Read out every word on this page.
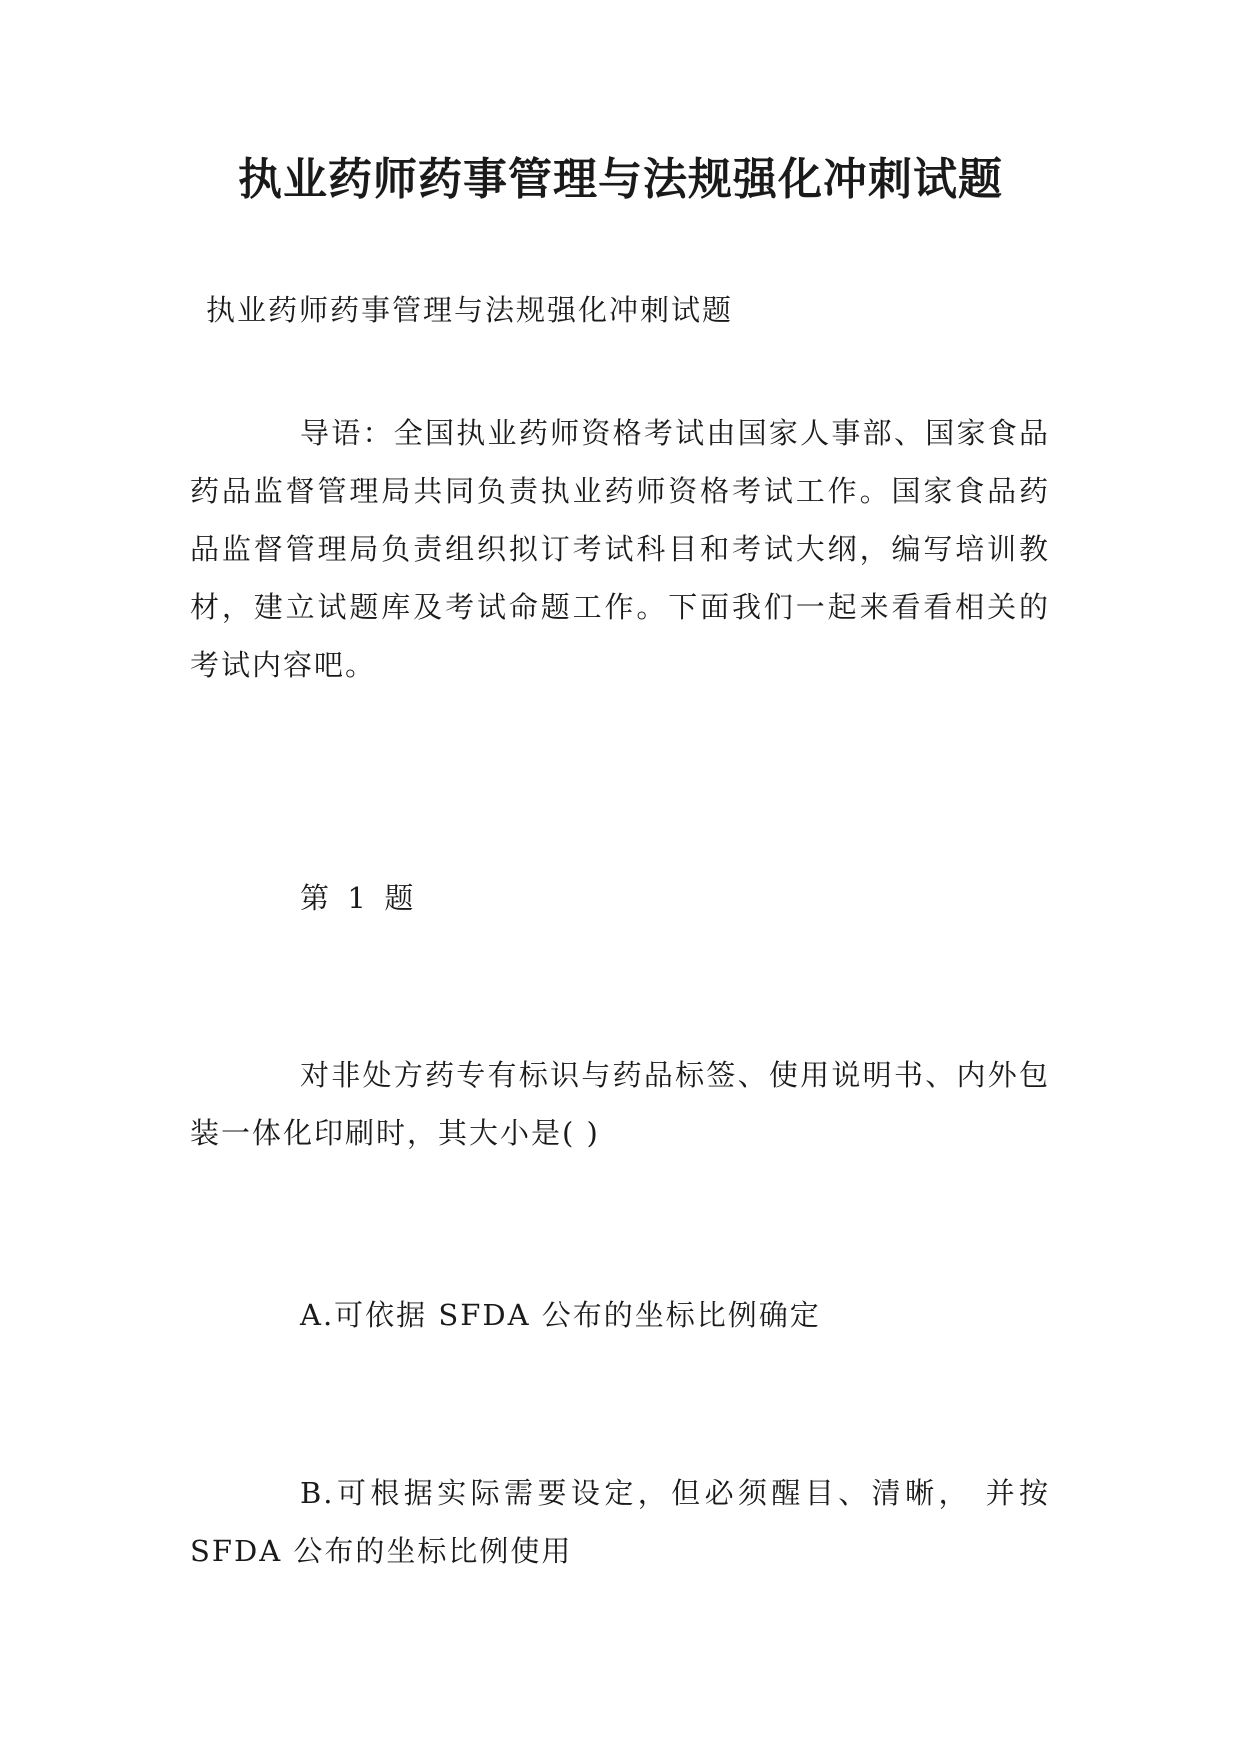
执业药师药事管理与法规强化冲刺试题

执业药师药事管理与法规强化冲刺试题

导语：全国执业药师资格考试由国家人事部、国家食品药品监督管理局共同负责执业药师资格考试工作。国家食品药品监督管理局负责组织拟订考试科目和考试大纲，编写培训教材，建立试题库及考试命题工作。下面我们一起来看看相关的考试内容吧。

第  1  题

对非处方药专有标识与药品标签、使用说明书、内外包装一体化印刷时，其大小是( )

A.可依据 SFDA 公布的坐标比例确定

B.可根据实际需要设定，但必须醒目、清晰， 并按 SFDA 公布的坐标比例使用
